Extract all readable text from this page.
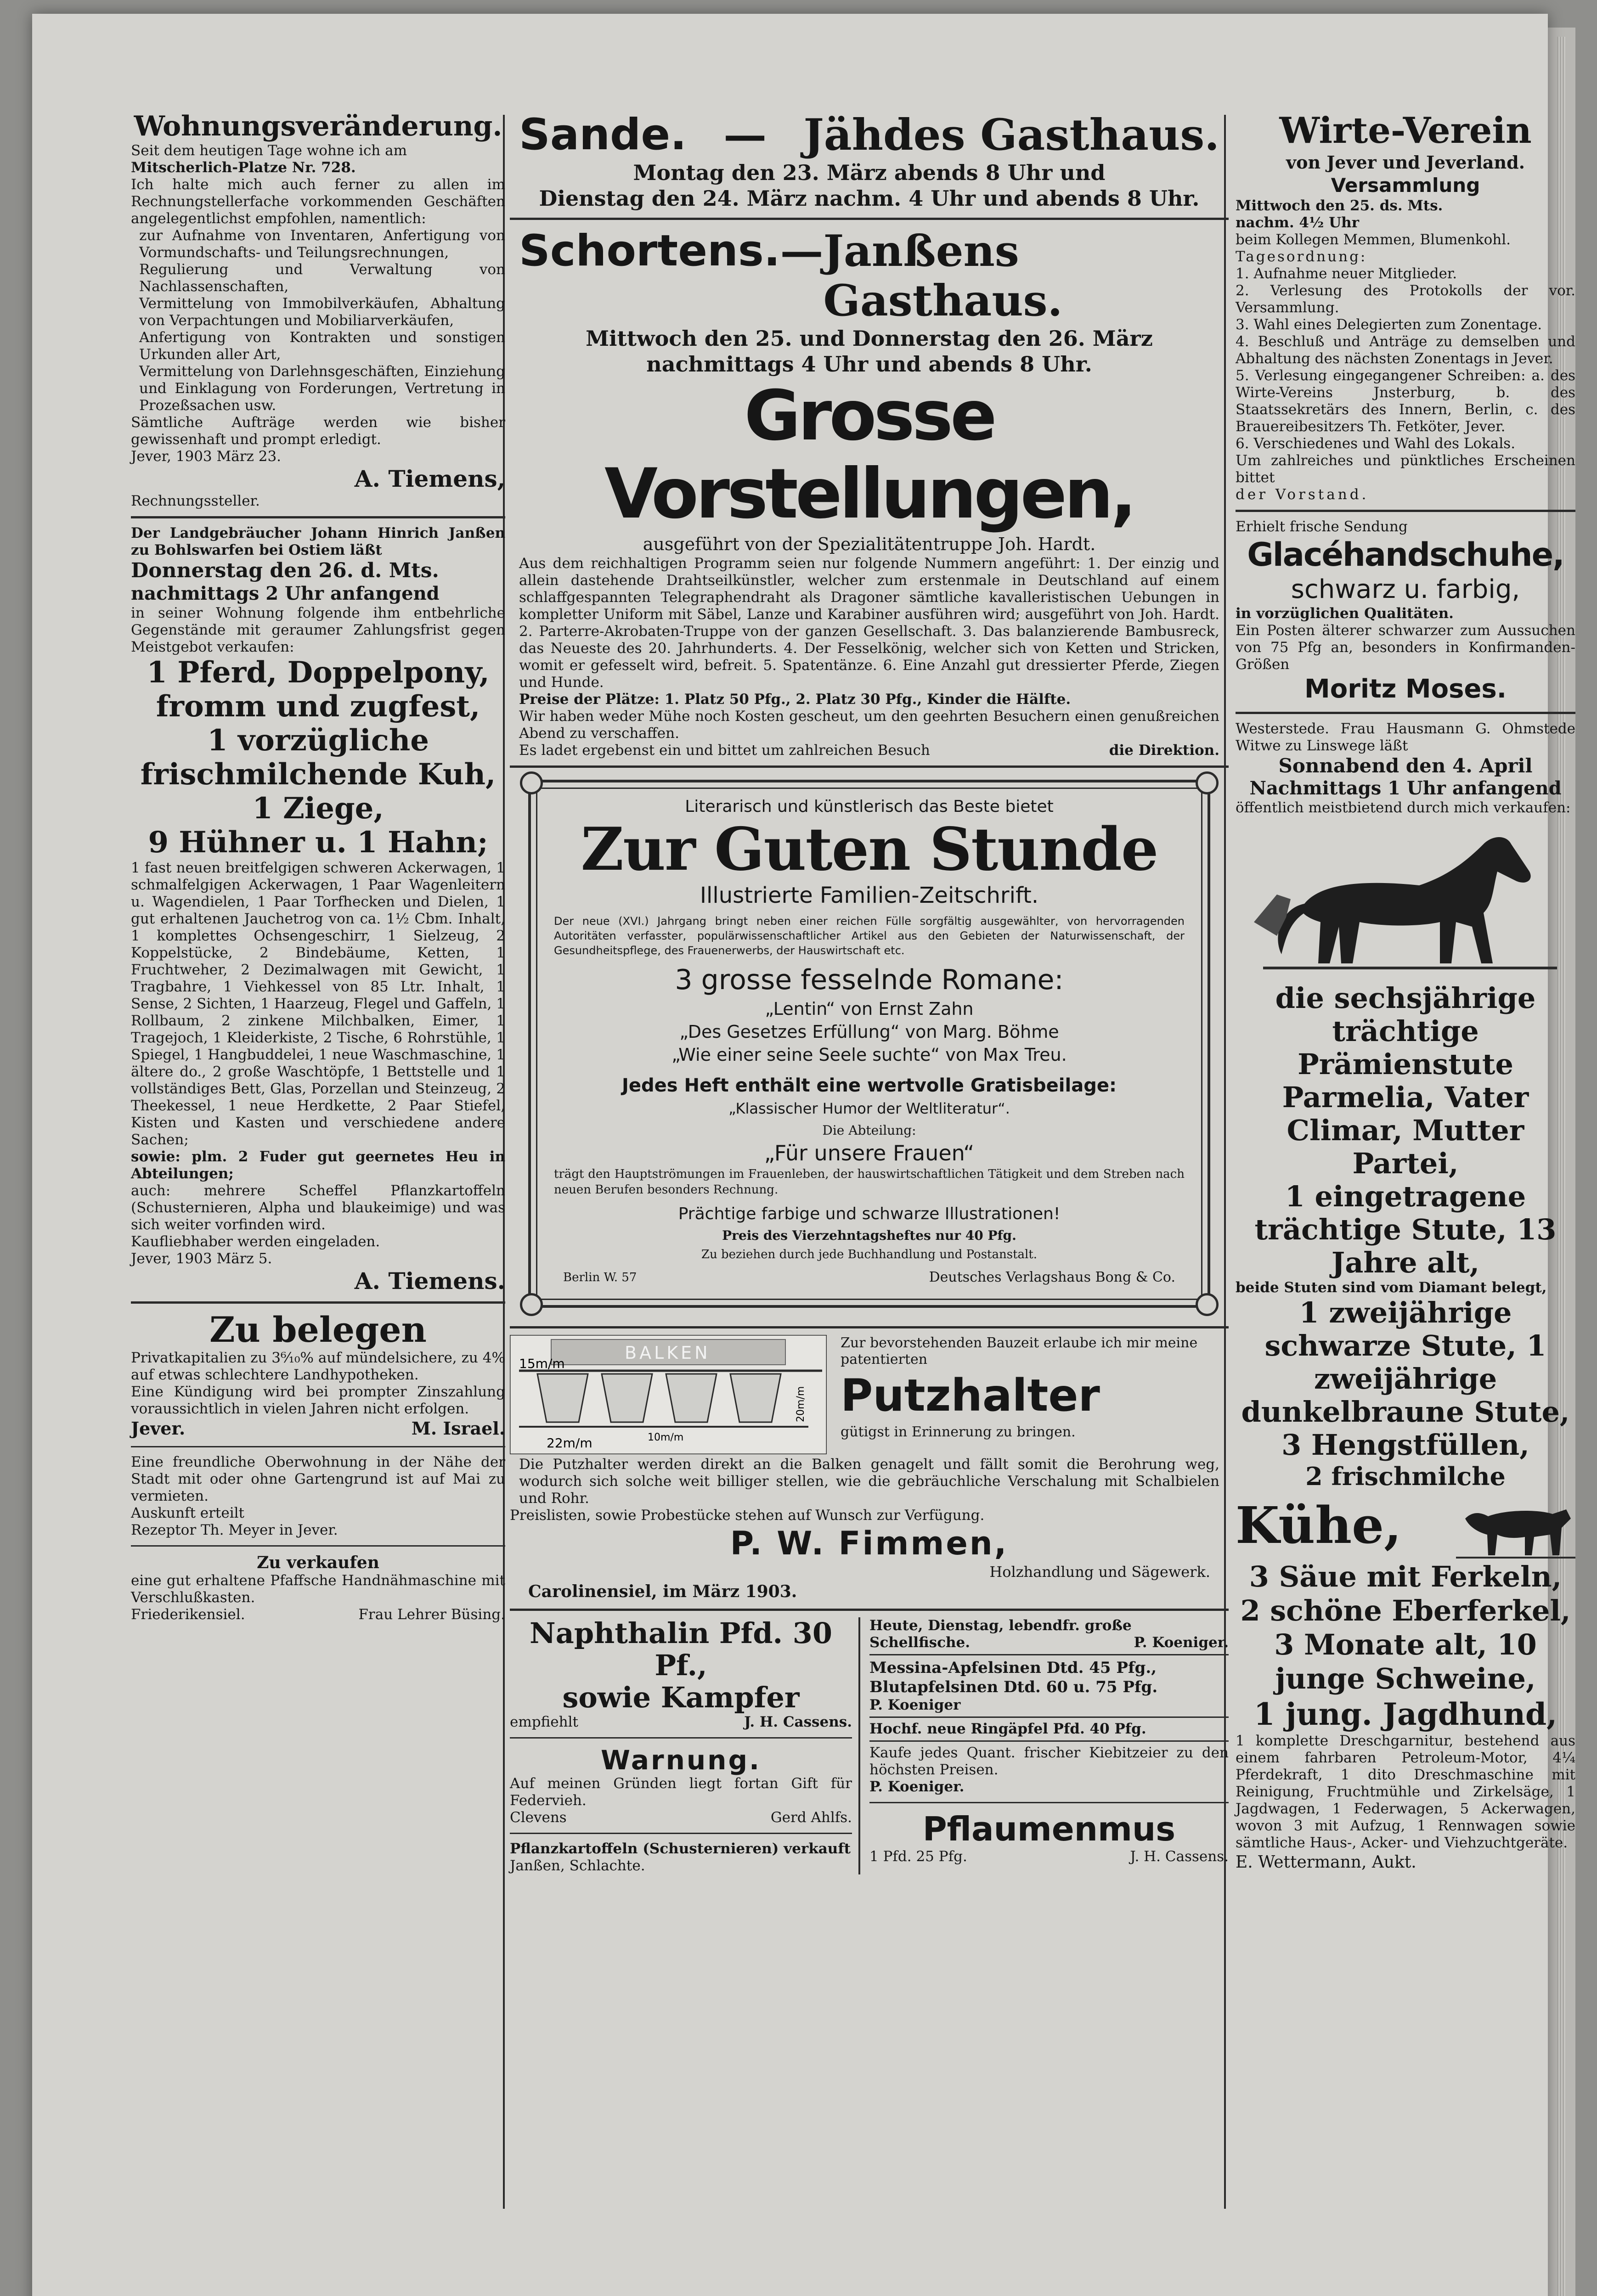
Wohnungsveränderung.
Seit dem heutigen Tage wohne ich am
Mitscherlich-Platze Nr. 728.
Ich halte mich auch ferner zu allen im Rechnungstellerfache vorkommenden Geschäften angelegentlichst empfohlen, namentlich:
zur Aufnahme von Inventaren, Anfertigung von Vormundschafts- und Teilungsrechnungen,
Regulierung und Verwaltung von Nachlassenschaften,
Vermittelung von Immobilverkäufen, Abhaltung von Verpachtungen und Mobiliarverkäufen,
Anfertigung von Kontrakten und sonstigen Urkunden aller Art,
Vermittelung von Darlehnsgeschäften, Einziehung und Einklagung von Forderungen, Vertretung in Prozeßsachen usw.
Sämtliche Aufträge werden wie bisher gewissenhaft und prompt erledigt.
Jever, 1903 März 23.
A. Tiemens,
Rechnungssteller.
Der Landgebräucher Johann Hinrich Janßen zu Bohlswarfen bei Ostiem läßt
Donnerstag den 26. d. Mts.
nachmittags 2 Uhr anfangend
in seiner Wohnung folgende ihm entbehrliche Gegenstände mit geraumer Zahlungsfrist gegen Meistgebot verkaufen:
1 Pferd, Doppelpony, fromm und zugfest,
1 vorzügliche frischmilchende Kuh,
1 Ziege,
9 Hühner u. 1 Hahn;
1 fast neuen breitfelgigen schweren Ackerwagen, 1 schmalfelgigen Ackerwagen, 1 Paar Wagenleitern u. Wagendielen, 1 Paar Torfhecken und Dielen, 1 gut erhaltenen Jauchetrog von ca. 1½ Cbm. Inhalt, 1 komplettes Ochsengeschirr, 1 Sielzeug, 2 Koppelstücke, 2 Bindebäume, Ketten, 1 Fruchtweher, 2 Dezimalwagen mit Gewicht, 1 Tragbahre, 1 Viehkessel von 85 Ltr. Inhalt, 1 Sense, 2 Sichten, 1 Haarzeug, Flegel und Gaffeln, 1 Rollbaum, 2 zinkene Milchbalken, Eimer, 1 Tragejoch, 1 Kleiderkiste, 2 Tische, 6 Rohrstühle, 1 Spiegel, 1 Hangbuddelei, 1 neue Waschmaschine, 1 ältere do., 2 große Waschtöpfe, 1 Bettstelle und 1 vollständiges Bett, Glas, Porzellan und Steinzeug, 2 Theekessel, 1 neue Herdkette, 2 Paar Stiefel, Kisten und Kasten und verschiedene andere Sachen;
sowie: plm. 2 Fuder gut geernetes Heu in Abteilungen;
auch: mehrere Scheffel Pflanzkartoffeln (Schusternieren, Alpha und blaukeimige) und was sich weiter vorfinden wird.
Kaufliebhaber werden eingeladen.
Jever, 1903 März 5.
A. Tiemens.
Zu belegen
Privatkapitalien zu 3⁶⁄₁₀% auf mündelsichere, zu 4% auf etwas schlechtere Landhypotheken.
Eine Kündigung wird bei prompter Zinszahlung voraussichtlich in vielen Jahren nicht erfolgen.
Jever.	M. Israel.
Eine freundliche Oberwohnung in der Nähe der Stadt mit oder ohne Gartengrund ist auf Mai zu vermieten.
Auskunft erteilt
Rezeptor Th. Meyer in Jever.
Zu verkaufen
eine gut erhaltene Pfaffsche Handnähmaschine mit Verschlußkasten.
Friederikensiel.	Frau Lehrer Büsing.
Sande. — Jähdes Gasthaus.
Montag den 23. März abends 8 Uhr und
Dienstag den 24. März nachm. 4 Uhr und abends 8 Uhr.
Schortens. — Janßens Gasthaus.
Mittwoch den 25. und Donnerstag den 26. März
nachmittags 4 Uhr und abends 8 Uhr.
Grosse Vorstellungen,
ausgeführt von der Spezialitätentruppe Joh. Hardt.
Aus dem reichhaltigen Programm seien nur folgende Nummern angeführt: 1. Der einzig und allein dastehende Drahtseilkünstler, welcher zum erstenmale in Deutschland auf einem schlaffgespannten Telegraphendraht als Dragoner sämtliche kavalleristischen Uebungen in kompletter Uniform mit Säbel, Lanze und Karabiner ausführen wird; ausgeführt von Joh. Hardt. 2. Parterre-Akrobaten-Truppe von der ganzen Gesellschaft. 3. Das balanzierende Bambusreck, das Neueste des 20. Jahrhunderts. 4. Der Fesselkönig, welcher sich von Ketten und Stricken, womit er gefesselt wird, befreit. 5. Spatentänze. 6. Eine Anzahl gut dressierter Pferde, Ziegen und Hunde.
Preise der Plätze: 1. Platz 50 Pfg., 2. Platz 30 Pfg., Kinder die Hälfte.
Wir haben weder Mühe noch Kosten gescheut, um den geehrten Besuchern einen genußreichen Abend zu verschaffen.
Es ladet ergebenst ein und bittet um zahlreichen Besuch	die Direktion.
Literarisch und künstlerisch das Beste bietet
Zur Guten Stunde
Illustrierte Familien-Zeitschrift.
Der neue (XVI.) Jahrgang bringt neben einer reichen Fülle sorgfältig ausgewählter, von hervorragenden Autoritäten verfasster, populärwissenschaftlicher Artikel aus den Gebieten der Naturwissenschaft, der Gesundheitspflege, des Frauenerwerbs, der Hauswirtschaft etc.
3 grosse fesselnde Romane:
„Lentin“ von Ernst Zahn
„Des Gesetzes Erfüllung“ von Marg. Böhme
„Wie einer seine Seele suchte“ von Max Treu.
Jedes Heft enthält eine wertvolle Gratisbeilage:
„Klassischer Humor der Weltliteratur“.
Die Abteilung:
„Für unsere Frauen“
trägt den Hauptströmungen im Frauenleben, der hauswirtschaftlichen Tätigkeit und dem Streben nach neuen Berufen besonders Rechnung.
Prächtige farbige und schwarze Illustrationen!
Preis des Vierzehntagsheftes nur 40 Pfg.
Zu beziehen durch jede Buchhandlung und Postanstalt.
Berlin W. 57	Deutsches Verlagshaus Bong & Co.
BALKEN
15m/m
22m/m	10m/m
20m/m
Zur bevorstehenden Bauzeit erlaube ich mir meine patentierten
Putzhalter
gütigst in Erinnerung zu bringen.
Die Putzhalter werden direkt an die Balken genagelt und fällt somit die Berohrung weg, wodurch sich solche weit billiger stellen, wie die gebräuchliche Verschalung mit Schalbielen und Rohr.
Preislisten, sowie Probestücke stehen auf Wunsch zur Verfügung.
P. W. Fimmen,
Holzhandlung und Sägewerk.
Carolinensiel, im März 1903.
Naphthalin Pfd. 30 Pf.,
sowie Kampfer
empfiehlt	J. H. Cassens.
Warnung.
Auf meinen Gründen liegt fortan Gift für Federvieh.
Clevens	Gerd Ahlfs.
Pflanzkartoffeln (Schusternieren) verkauft
Janßen, Schlachte.
Heute, Dienstag, lebendfr. große
Schellfische.	P. Koeniger.
Messina-Apfelsinen Dtd. 45 Pfg.,
Blutapfelsinen Dtd. 60 u. 75 Pfg.
P. Koeniger
Hochf. neue Ringäpfel Pfd. 40 Pfg.
Kaufe jedes Quant. frischer Kiebitzeier zu den höchsten Preisen.
P. Koeniger.
Pflaumenmus
1 Pfd. 25 Pfg.	J. H. Cassens.
Wirte-Verein
von Jever und Jeverland.
Versammlung
Mittwoch den 25. ds. Mts.
nachm. 4½ Uhr
beim Kollegen Memmen, Blumenkohl.
Tagesordnung:
1. Aufnahme neuer Mitglieder.
2. Verlesung des Protokolls der vor. Versammlung.
3. Wahl eines Delegierten zum Zonentage.
4. Beschluß und Anträge zu demselben und Abhaltung des nächsten Zonentags in Jever.
5. Verlesung eingegangener Schreiben: a. des Wirte-Vereins Jnsterburg, b. des Staatssekretärs des Innern, Berlin, c. des Brauereibesitzers Th. Fetköter, Jever.
6. Verschiedenes und Wahl des Lokals.
Um zahlreiches und pünktliches Erscheinen bittet
der Vorstand.
Erhielt frische Sendung
Glacéhandschuhe,
schwarz u. farbig,
in vorzüglichen Qualitäten.
Ein Posten älterer schwarzer zum Aussuchen von 75 Pfg an, besonders in Konfirmanden-Größen
Moritz Moses.
Westerstede. Frau Hausmann G. Ohmstede Witwe zu Linswege läßt
Sonnabend den 4. April
Nachmittags 1 Uhr anfangend
öffentlich meistbietend durch mich verkaufen:
die sechsjährige trächtige Prämienstute Parmelia, Vater Climar, Mutter Partei,
1 eingetragene trächtige Stute, 13 Jahre alt,
beide Stuten sind vom Diamant belegt,
1 zweijährige schwarze Stute, 1 zweijährige dunkelbraune Stute, 3 Hengstfüllen,
2 frischmilche
Kühe,
3 Säue mit Ferkeln, 2 schöne Eberferkel, 3 Monate alt, 10 junge Schweine,
1 jung. Jagdhund,
1 komplette Dreschgarnitur, bestehend aus einem fahrbaren Petroleum-Motor, 4¼ Pferdekraft, 1 dito Dreschmaschine mit Reinigung, Fruchtmühle und Zirkelsäge, 1 Jagdwagen, 1 Federwagen, 5 Ackerwagen, wovon 3 mit Aufzug, 1 Rennwagen sowie sämtliche Haus-, Acker- und Viehzuchtgeräte.
E. Wettermann, Aukt.
